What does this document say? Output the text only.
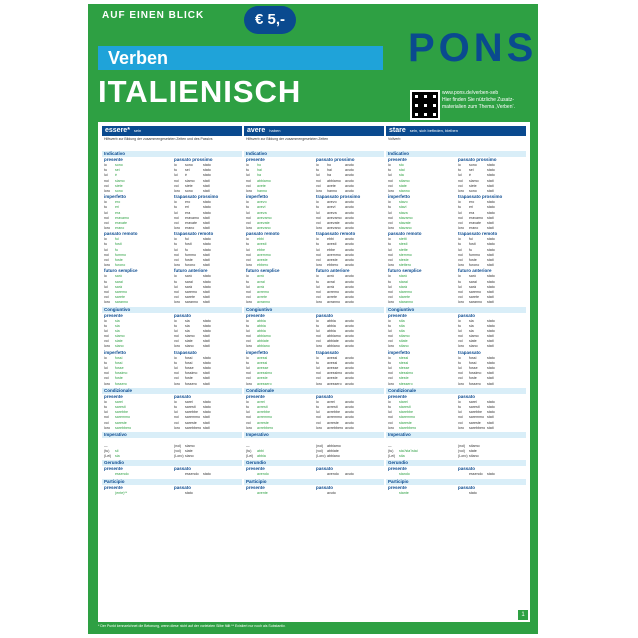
AUF EINEN BLICK	€ 5,-
Verben
ITALIENISCH
PONS
www.pons.de/verben-seb
Hier finden Sie nützliche Zusatz-
materialien zum Thema ‚Verben‘.
essere* sein
Hilfsverb zur Bildung der zusammengesetzten Zeiten und des Passivs
Indicativo
presente
io sono
tu sei
lui è
noi siamo
voi siete
loro sono
passato prossimo
io sono	stato
tu sei	stato
lui è	stato
noi siamo stati
voi siete	stati
loro sono	stati
imperfetto
io ero
tu eri
lui era
noi eravamo
voi eravate
loro erano
trapassato prossimo
io ero	stato
tu eri	stato
lui era	stato
noi eravamo stati
voi eravate stati
loro erano stati
passato remoto
io fui
tu fosti
lui fu
noi fummo
voi foste
loro furono
trapassato remoto
io fui	stato
tu fosti	stato
lui fu	stato
noi fummo stati
voi foste	stati
loro furono stati
futuro semplice
io sarò
tu sarai
lui sarà
noi saremo
voi sarete
loro saranno
futuro anteriore
io sarò	stato
tu sarai	stato
lui sarà	stato
noi saremo stati
voi sarete stati
loro saranno stati
Congiuntivo
presente
io sia
tu sia
lui sia
noi siamo
voi siate
loro siano
passato
io sia	stato
tu sia	stato
lui sia	stato
noi siamo stati
voi siate	stati
loro siano	stati
imperfetto
io fossi
tu fossi
lui fosse
noi fossimo
voi foste
loro fossero
trapassato
io fossi	stato
tu fossi	stato
lui fosse	stato
noi fossimo stati
voi foste	stati
loro fossero stati
Condizionale
presente
io sarei
tu saresti
lui sarebbe
noi saremmo
voi sareste
loro sarebbero
passato
io sarei	stato
tu saresti stato
lui sarebbe stato
noi saremmo stati
voi sareste stati
loro sarebbero stati
Imperativo
—
(tu) sii
(Lei) sia
(noi) siamo
(voi) siate
(Loro)siano
Gerundio
presente
essendo
passato
essendo stato
Participio
presente
(ente)**
passato
stato
avere haben
Hilfsverb zur Bildung der zusammengesetzten Zeiten
Indicativo
presente
io ho
tu hai
lui ha
noi abbiamo
voi avete
loro hanno
passato prossimo
io ho	avuto
tu hai	avuto
lui ha	avuto
noi abbiamo avuto
voi avete	avuto
loro hanno avuto
imperfetto
io avevo
tu avevi
lui aveva
noi avevamo
voi avevate
loro avevano
trapassato prossimo
io avevo avuto
tu avevi	avuto
lui aveva avuto
noi avevamo avuto
voi avevate avuto
loro avevano avuto
passato remoto
io ebbi
tu avesti
lui ebbe
noi avemmo
voi aveste
loro ebbero
trapassato remoto
io ebbi	avuto
tu avesti avuto
lui ebbe	avuto
noi avemmo avuto
voi aveste avuto
loro ebbero avuto
futuro semplice
io avrò
tu avrai
lui avrà
noi avremo
voi avrete
loro avranno
futuro anteriore
io avrò	avuto
tu avrai	avuto
lui avrà	avuto
noi avremo avuto
voi avrete avuto
loro avranno avuto
Congiuntivo
presente
io abbia
tu abbia
lui abbia
noi abbiamo
voi abbiate
loro abbiano
passato
io abbia	avuto
tu abbia	avuto
lui abbia	avuto
noi abbiamo avuto
voi abbiate avuto
loro abbiano avuto
imperfetto
io avessi
tu avessi
lui avesse
noi avessimo
voi aveste
loro avessero
trapassato
io avessi avuto
tu avessi avuto
lui avesse avuto
noi avessimo avuto
voi aveste avuto
loro avessero avuto
Condizionale
presente
io avrei
tu avresti
lui avrebbe
noi avremmo
voi avreste
loro avrebbero
passato
io avrei	avuto
tu avresti avuto
lui avrebbe avuto
noi avremmo avuto
voi avreste avuto
loro avrebbero avuto
Imperativo
—
(tu) abbi
(Lei) abbia
(noi) abbiamo
(voi) abbiate
(Loro)abbiano
Gerundio
presente
avendo
passato
avendo avuto
Participio
presente
avente
passato
avuto
stare sein, sich befinden, bleiben
Vollverb
Indicativo
presente
io sto
tu stai
lui sta
noi stiamo
voi state
loro stanno
passato prossimo
io sono	stato
tu sei	stato
lui è	stato
noi siamo stati
voi siete	stati
loro sono	stati
imperfetto
io stavo
tu stavi
lui stava
noi stavamo
voi stavate
loro stavano
trapassato prossimo
io ero	stato
tu eri	stato
lui era	stato
noi eravamo stati
voi eravate stati
loro erano stati
passato remoto
io stetti
tu stesti
lui stette
noi stemmo
voi steste
loro stettero
trapassato remoto
io fui	stato
tu fosti	stato
lui fu	stato
noi fummo stati
voi foste	stati
loro furono stati
futuro semplice
io starò
tu starai
lui starà
noi staremo
voi starete
loro staranno
futuro anteriore
io sarò	stato
tu sarai	stato
lui sarà	stato
noi saremo stati
voi sarete stati
loro saranno stati
Congiuntivo
presente
io stia
tu stia
lui stia
noi stiamo
voi stiate
loro stiano
passato
io sia	stato
tu sia	stato
lui sia	stato
noi siamo stati
voi siate	stati
loro siano	stati
imperfetto
io stessi
tu stessi
lui stesse
noi stessimo
voi steste
loro stessero
trapassato
io fossi	stato
tu fossi	stato
lui fosse	stato
noi fossimo stati
voi foste	stati
loro fossero stati
Condizionale
presente
io starei
tu staresti
lui starebbe
noi staremmo
voi stareste
loro starebbero
passato
io sarei	stato
tu saresti stato
lui sarebbe stato
noi saremmo stati
voi sareste stati
loro sarebbero stati
Imperativo
—
(tu) sta'/sta'/stai
(Lei) stia
(noi) stiamo
(voi) state
(Loro)stiano
Gerundio
presente
stando
passato
essendo stato
Participio
presente
stante
passato
stato
1
* Der Punkt kennzeichnet die Betonung, wenn diese nicht auf der vorletzten Silbe fällt ** Existiert nur noch als Substantiv.
